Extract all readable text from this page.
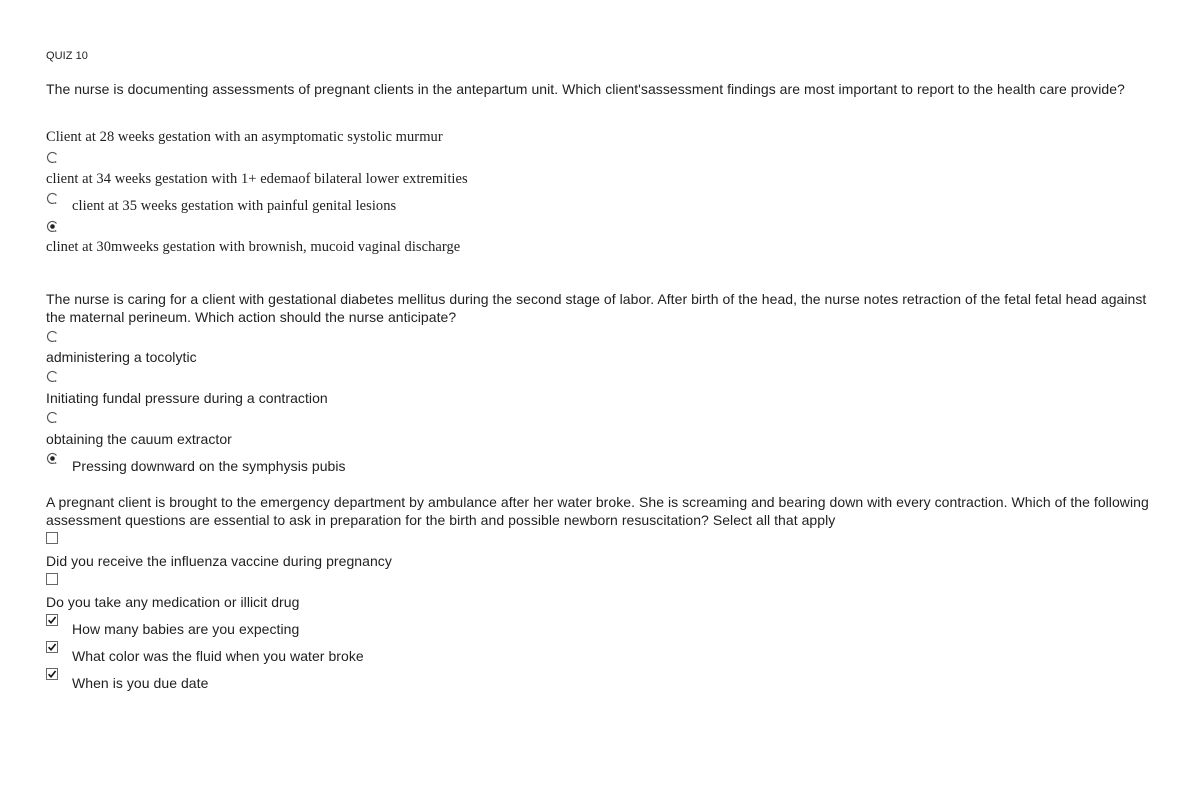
QUIZ 10
The nurse is documenting assessments of pregnant clients in the antepartum unit. Which client'sassessment findings are most important to report to the health care provide?
Client at 28 weeks gestation with an asymptomatic systolic murmur
client at 34 weeks gestation with 1+ edemaof bilateral lower extremities
client at 35 weeks gestation with painful genital lesions
clinet at 30mweeks gestation with brownish, mucoid vaginal discharge
The nurse is caring for a client with gestational diabetes mellitus during the second stage of labor. After birth of the head, the nurse notes retraction of the fetal fetal head against the maternal perineum. Which action should the nurse anticipate?
administering a tocolytic
Initiating fundal pressure during a contraction
obtaining the cauum extractor
Pressing downward on the symphysis pubis
A pregnant client is brought to the emergency department by ambulance after her water broke. She is screaming and bearing down with every contraction. Which of the following assessment questions are essential to ask in preparation for the birth and possible newborn resuscitation? Select all that apply
Did you receive the influenza vaccine during pregnancy
Do you take any medication or illicit drug
How many babies are you expecting
What color was the fluid when you water broke
When is you due date
